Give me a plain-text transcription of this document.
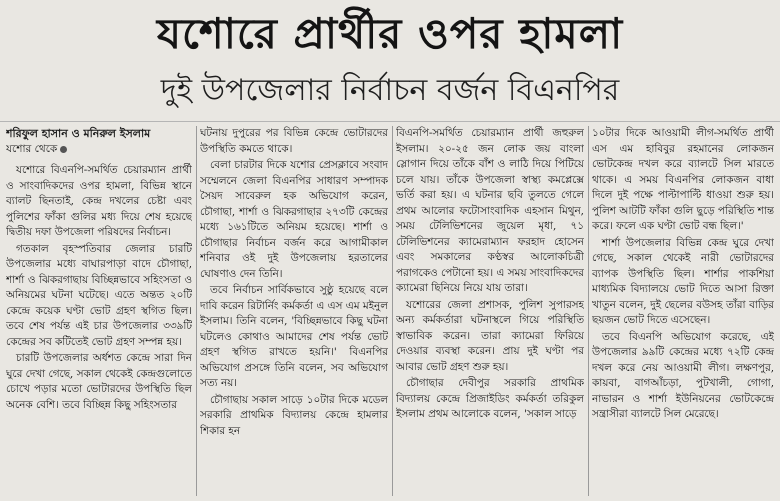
যশোরে প্রার্থীর ওপর হামলা
দুই উপজেলার নির্বাচন বর্জন বিএনপির

শরিফুল হাসান ও মনিরুল ইসলাম

যশোর থেকে

যশোরে বিএনপি-সমর্থিত চেয়ারম্যান প্রার্থী ও সাংবাদিকদের ওপর হামলা, বিভিন্ন স্থানে ব্যালট ছিনতাই, কেন্দ্র দখলের চেষ্টা এবং পুলিশের ফাঁকা গুলির মধ্য দিয়ে শেষ হয়েছে দ্বিতীয় দফা উপজেলা পরিষদের নির্বাচন।

গতকাল বৃহস্পতিবার জেলার চারটি উপজেলার মধ্যে বাঘারপাড়া বাদে চৌগাছা, শার্শা ও ঝিকরগাছায় বিচ্ছিন্নভাবে সহিংসতা ও অনিয়মের ঘটনা ঘটেছে। এতে অন্তত ২০টি কেন্দ্রে কয়েক ঘণ্টা ভোট গ্রহণ স্থগিত ছিল। তবে শেষ পর্যন্ত এই চার উপজেলার ৩৩৯টি কেন্দ্রের সব কটিতেই ভোট গ্রহণ সম্পন্ন হয়।

চারটি উপজেলার অর্ধশত কেন্দ্রে সারা দিন ঘুরে দেখা গেছে, সকাল থেকেই কেন্দ্রগুলোতে চোখে পড়ার মতো ভোটারদের উপস্থিতি ছিল অনেক বেশি। তবে বিচ্ছিন্ন কিছু সহিংসতার

ঘটনায় দুপুরের পর বিভিন্ন কেন্দ্রে ভোটারদের উপস্থিতি কমতে থাকে।

বেলা চারটার দিকে যশোর প্রেসক্লাবে সংবাদ সম্মেলনে জেলা বিএনপির সাধারণ সম্পাদক সৈয়দ সাবেরুল হক অভিযোগ করেন, চৌগাছা, শার্শা ও ঝিকরগাছার ২৭৩টি কেন্দ্রের মধ্যে ১৬১টিতে অনিয়ম হয়েছে। শার্শা ও চৌগাছার নির্বাচন বর্জন করে আগামীকাল শনিবার ওই দুই উপজেলায় হরতালের ঘোষণাও দেন তিনি।

তবে নির্বাচন সার্বিকভাবে সুষ্ঠু হয়েছে বলে দাবি করেন রিটার্নিং কর্মকর্তা এ এস এম মইনুল ইসলাম। তিনি বলেন, 'বিচ্ছিন্নভাবে কিছু ঘটনা ঘটলেও কোথাও আমাদের শেষ পর্যন্ত ভোট গ্রহণ স্থগিত রাখতে হয়নি।' বিএনপির অভিযোগ প্রসঙ্গে তিনি বলেন, সব অভিযোগ সত্য নয়।

চৌগাছায় সকাল সাড়ে ১০টার দিকে মডেল সরকারি প্রাথমিক বিদ্যালয় কেন্দ্রে হামলার শিকার হন

বিএনপি-সমর্থিত চেয়ারম্যান প্রার্থী জহুরুল ইসলাম। ২০-২৫ জন লোক জয় বাংলা স্লোগান দিয়ে তাঁকে বাঁশ ও লাঠি দিয়ে পিটিয়ে চলে যায়। তাঁকে উপজেলা স্বাস্থ্য কমপ্লেক্সে ভর্তি করা হয়। এ ঘটনার ছবি তুলতে গেলে প্রথম আলোর ফটোসাংবাদিক এহসান মিথুন, সময় টেলিভিশনের জুয়েল মৃধা, ৭১ টেলিভিশনের ক্যামেরাম্যান ফরহাদ হোসেন এবং সমকালের কণ্ঠস্বর আলোকচিত্রী পরাগকেও পেটানো হয়। এ সময় সাংবাদিকদের ক্যামেরা ছিনিয়ে নিয়ে যায় তারা।

যশোরের জেলা প্রশাসক, পুলিশ সুপারসহ অন্য কর্মকর্তারা ঘটনাস্থলে গিয়ে পরিস্থিতি স্বাভাবিক করেন। তারা ক্যামেরা ফিরিয়ে দেওয়ার ব্যবস্থা করেন। প্রায় দুই ঘণ্টা পর আবার ভোট গ্রহণ শুরু হয়।

চৌগাছার দেবীপুর সরকারি প্রাথমিক বিদ্যালয় কেন্দ্রে প্রিজাইডিং কর্মকর্তা তরিকুল ইসলাম প্রথম আলোকে বলেন, 'সকাল সাড়ে

১০টার দিকে আওয়ামী লীগ-সমর্থিত প্রার্থী এস এম হাবিবুর রহমানের লোকজন ভোটকেন্দ্র দখল করে ব্যালটে সিল মারতে থাকে। এ সময় বিএনপির লোকজন বাধা দিলে দুই পক্ষে পাল্টাপাল্টি ধাওয়া শুরু হয়। পুলিশ আটটি ফাঁকা গুলি ছুড়ে পরিস্থিতি শান্ত করে। ফলে এক ঘণ্টা ভোট বন্ধ ছিল।'

শার্শা উপজেলার বিভিন্ন কেন্দ্র ঘুরে দেখা গেছে, সকাল থেকেই নারী ভোটারদের ব্যাপক উপস্থিতি ছিল। শার্শার পাকশিয়া মাধ্যমিক বিদ্যালয়ে ভোট দিতে আসা রিক্তা খাতুন বলেন, দুই ছেলের বউসহ তাঁরা বাড়ির ছয়জন ভোট দিতে এসেছেন।

তবে বিএনপি অভিযোগ করেছে, এই উপজেলার ৯৯টি কেন্দ্রের মধ্যে ৭২টি কেন্দ্র দখল করে নেয় আওয়ামী লীগ। লক্ষণপুর, কায়বা, বাগআঁচড়া, পুটখালী, গোগা, নাভারন ও শার্শা ইউনিয়নের ভোটকেন্দ্রে সন্ত্রাসীরা ব্যালটে সিল মেরেছে।
